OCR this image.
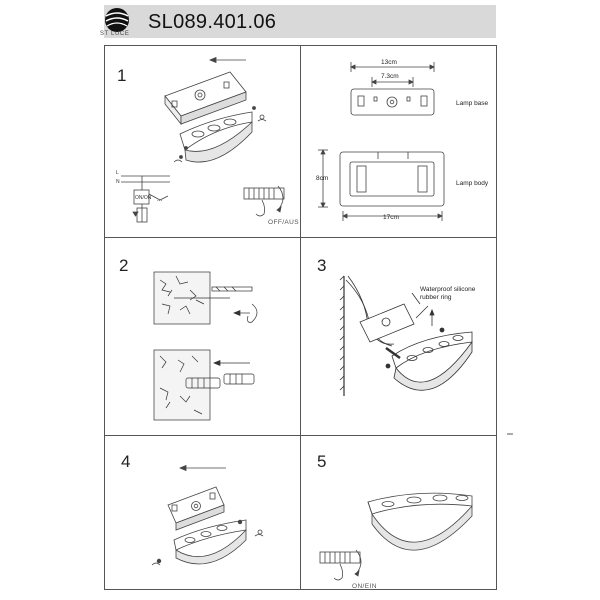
ST LUCE
SL089.401.06
1
L
N
ON/ON ...
OFF/AUS
13cm
7.3cm
Lamp base
8cm
Lamp body
17cm
2	3
Waterproof silicone
rubber ring
4	5
ON/EIN
